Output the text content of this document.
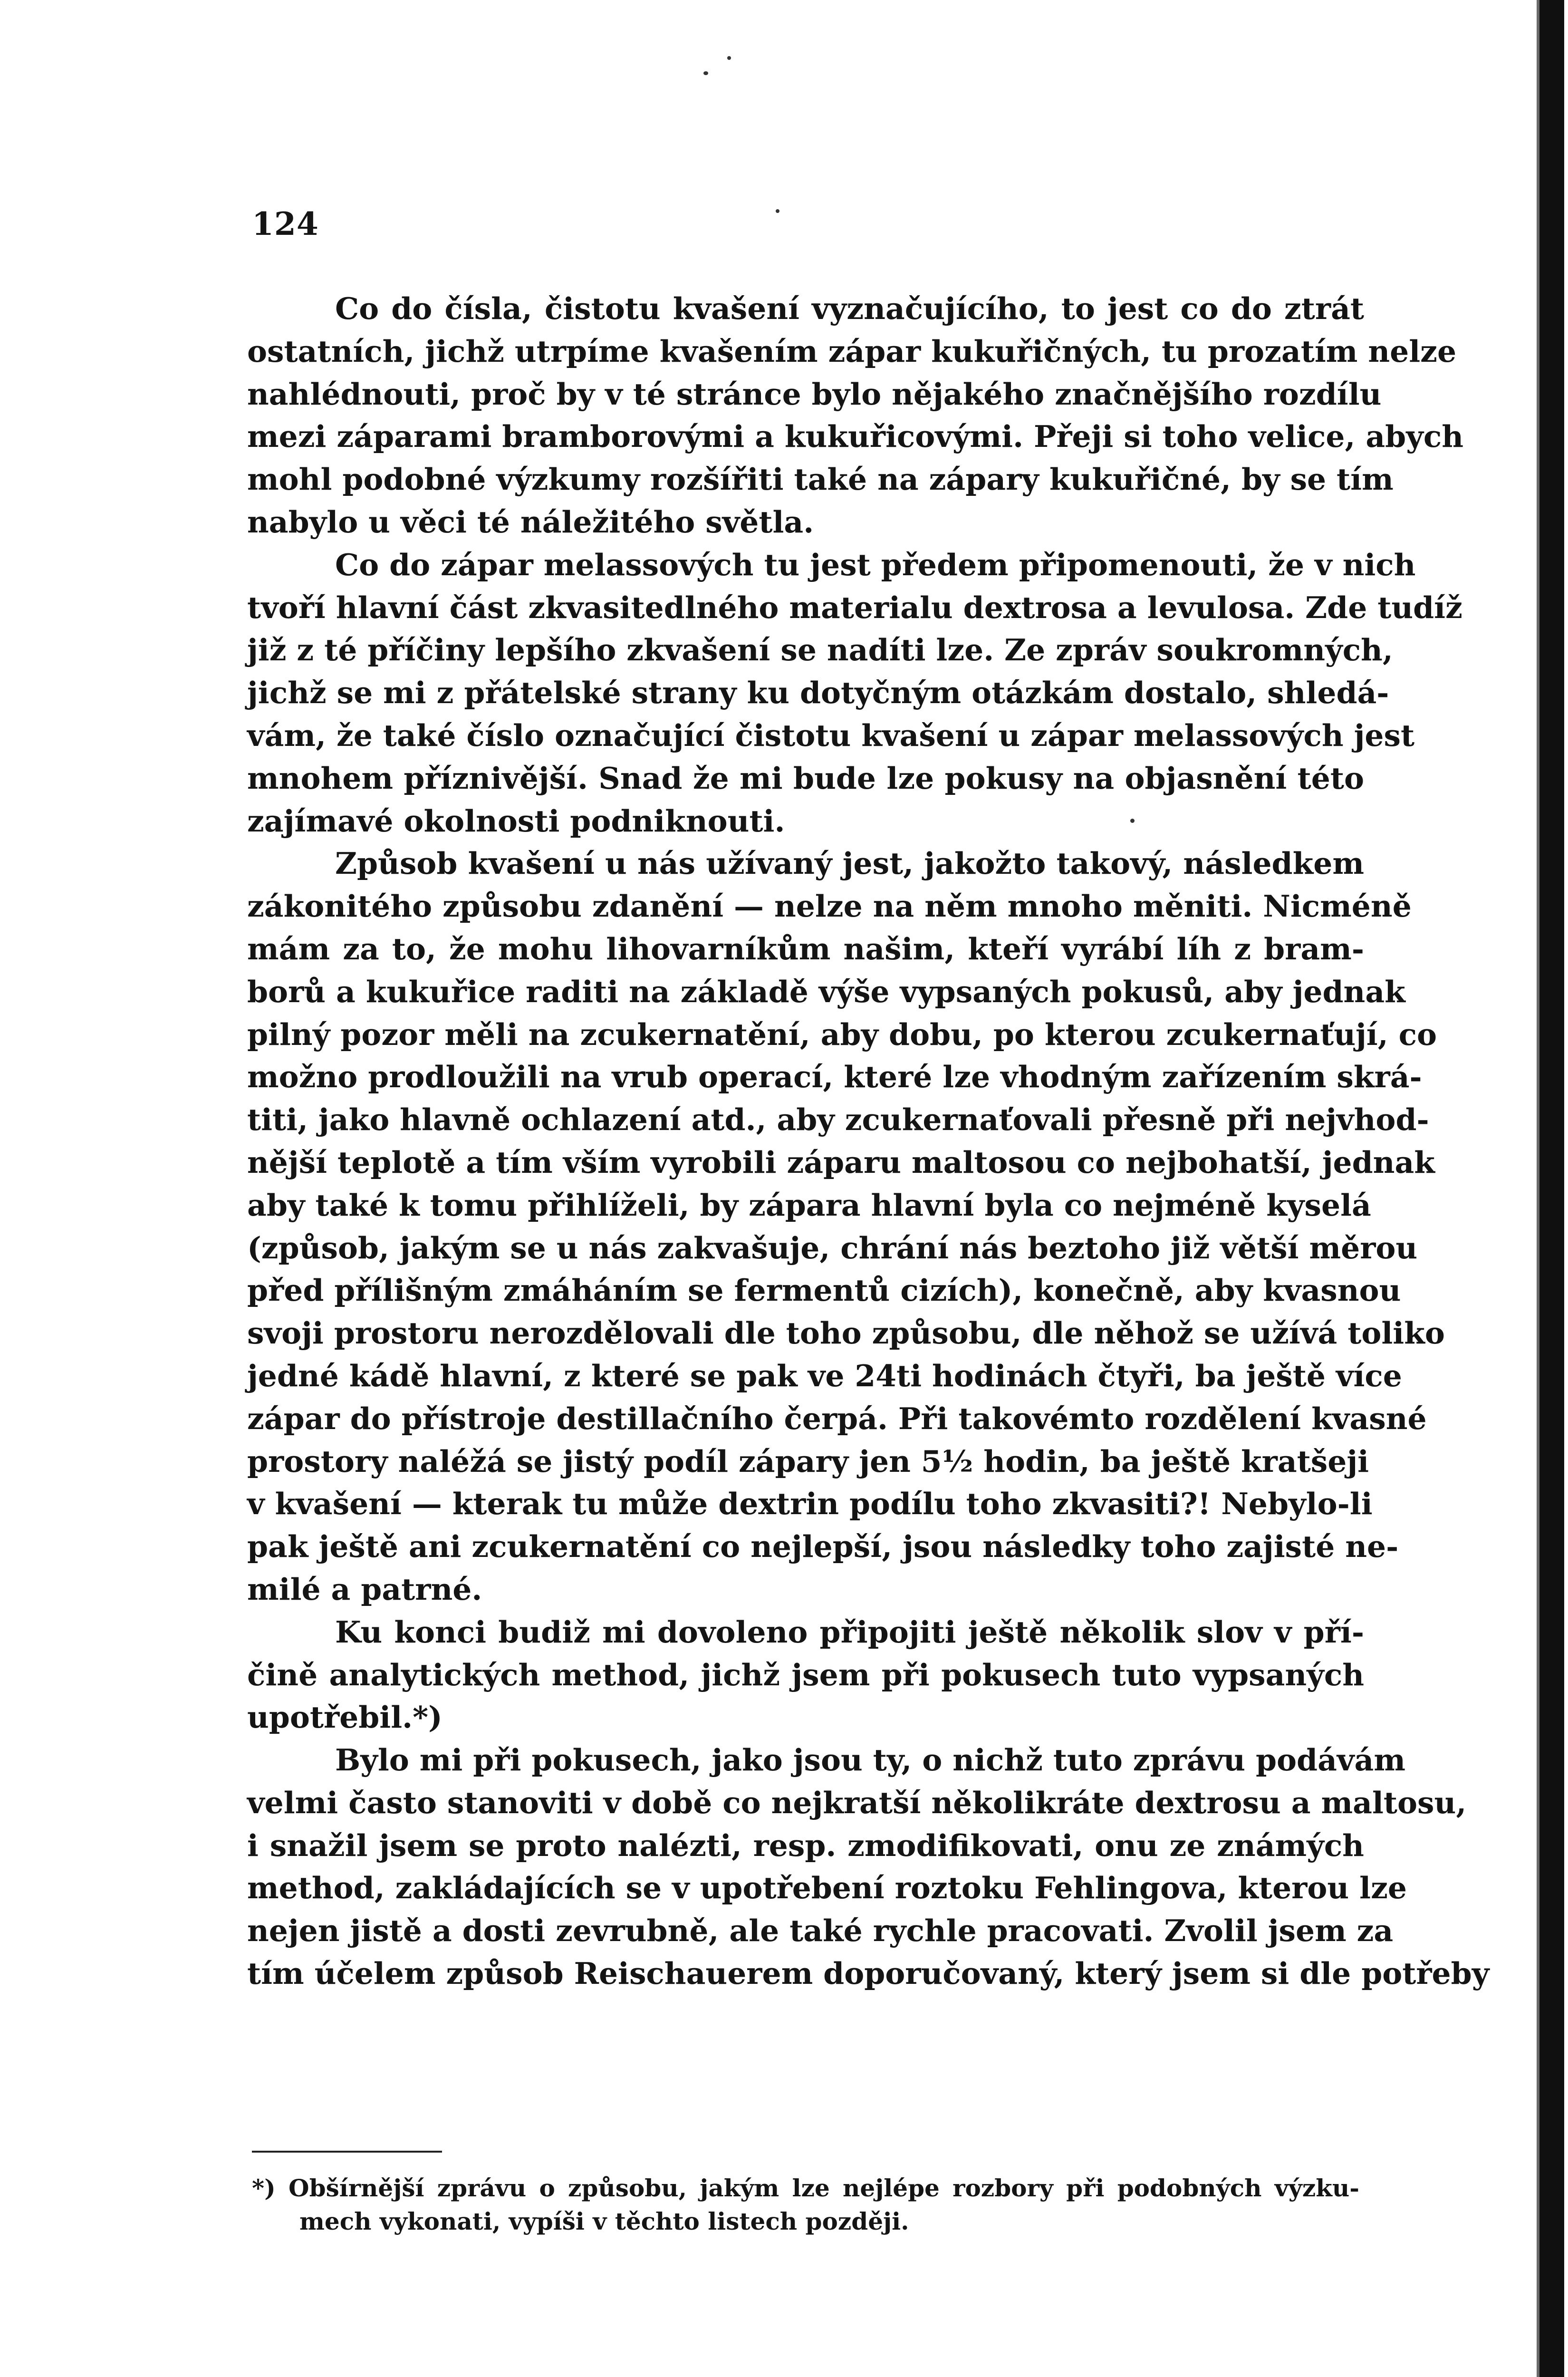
124
Co do čísla, čistotu kvašení vyznačujícího, to jest co do ztrát
ostatních, jichž utrpíme kvašením zápar kukuřičných, tu prozatím nelze
nahlédnouti, proč by v té stránce bylo nějakého značnějšího rozdílu
mezi záparami bramborovými a kukuřicovými. Přeji si toho velice, abych
mohl podobné výzkumy rozšířiti také na zápary kukuřičné, by se tím
nabylo u věci té náležitého světla.
Co do zápar melassových tu jest předem připomenouti, že v nich
tvoří hlavní část zkvasitedlného materialu dextrosa a levulosa. Zde tudíž
již z té příčiny lepšího zkvašení se nadíti lze. Ze zpráv soukromných,
jichž se mi z přátelské strany ku dotyčným otázkám dostalo, shledá-
vám, že také číslo označující čistotu kvašení u zápar melassových jest
mnohem příznivější. Snad že mi bude lze pokusy na objasnění této
zajímavé okolnosti podniknouti.
Způsob kvašení u nás užívaný jest, jakožto takový, následkem
zákonitého způsobu zdanění — nelze na něm mnoho měniti. Nicméně
mám za to, že mohu lihovarníkům našim, kteří vyrábí líh z bram-
borů a kukuřice raditi na základě výše vypsaných pokusů, aby jednak
pilný pozor měli na zcukernatění, aby dobu, po kterou zcukernaťují, co
možno prodloužili na vrub operací, které lze vhodným zařízením skrá-
titi, jako hlavně ochlazení atd., aby zcukernaťovali přesně při nejvhod-
nější teplotě a tím vším vyrobili záparu maltosou co nejbohatší, jednak
aby také k tomu přihlíželi, by zápara hlavní byla co nejméně kyselá
(způsob, jakým se u nás zakvašuje, chrání nás beztoho již větší měrou
před přílišným zmáháním se fermentů cizích), konečně, aby kvasnou
svoji prostoru nerozdělovali dle toho způsobu, dle něhož se užívá toliko
jedné kádě hlavní, z které se pak ve 24ti hodinách čtyři, ba ještě více
zápar do přístroje destillačního čerpá. Při takovémto rozdělení kvasné
prostory naléžá se jistý podíl zápary jen 5½ hodin, ba ještě kratšeji
v kvašení — kterak tu může dextrin podílu toho zkvasiti?! Nebylo-li
pak ještě ani zcukernatění co nejlepší, jsou následky toho zajisté ne-
milé a patrné.
Ku konci budiž mi dovoleno připojiti ještě několik slov v pří-
čině analytických method, jichž jsem při pokusech tuto vypsaných
upotřebil.*)
Bylo mi při pokusech, jako jsou ty, o nichž tuto zprávu podávám
velmi často stanoviti v době co nejkratší několikráte dextrosu a maltosu,
i snažil jsem se proto nalézti, resp. zmodifikovati, onu ze známých
method, zakládajících se v upotřebení roztoku Fehlingova, kterou lze
nejen jistě a dosti zevrubně, ale také rychle pracovati. Zvolil jsem za
tím účelem způsob Reischauerem doporučovaný, který jsem si dle potřeby
*) Obšírnější zprávu o způsobu, jakým lze nejlépe rozbory při podobných výzku-
mech vykonati, vypíši v těchto listech později.
